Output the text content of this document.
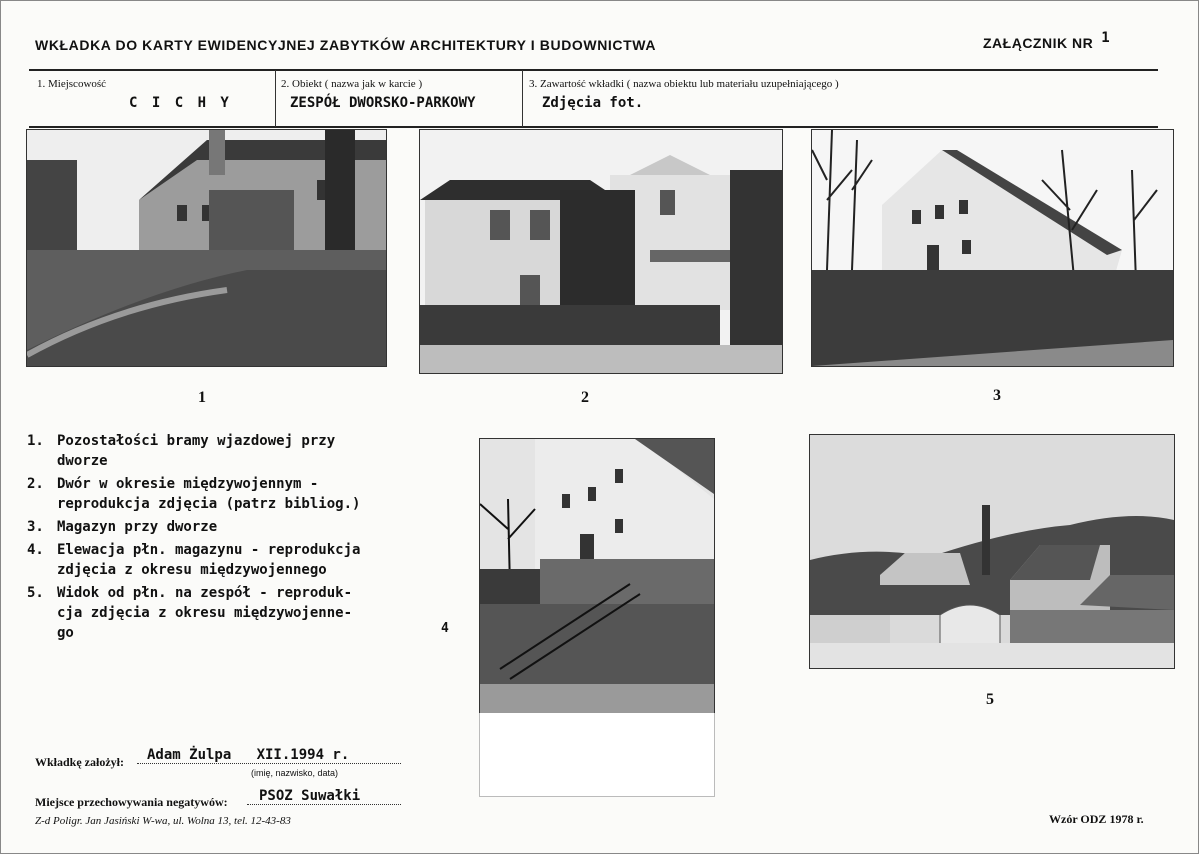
WKŁADKA DO KARTY EWIDENCYJNEJ ZABYTKÓW ARCHITEKTURY I BUDOWNICTWA	ZAŁĄCZNIK NR 1
1. Miejscowość
C I C H Y
2. Obiekt ( nazwa jak w karcie )
ZESPÓŁ DWORSKO-PARKOWY
3. Zawartość wkładki ( nazwa obiektu lub materiału uzupełniającego )
Zdjęcia fot.
1	2	3
1. Pozostałości bramy wjazdowej przy
dworze
2. Dwór w okresie międzywojennym -
reprodukcja zdjęcia (patrz bibliog.)
3. Magazyn przy dworze
4. Elewacja płn. magazynu - reprodukcja
zdjęcia z okresu międzywojennego
5. Widok od płn. na zespół - reproduk-
cja zdjęcia z okresu międzywojenne-
go	4
5
Wkładkę założył: Adam Żulpa   XII.1994 r.
(imię, nazwisko, data)
Miejsce przechowywania negatywów: PSOZ Suwałki
Z-d Poligr. Jan Jasiński W-wa, ul. Wolna 13, tel. 12-43-83	Wzór ODZ 1978 r.
